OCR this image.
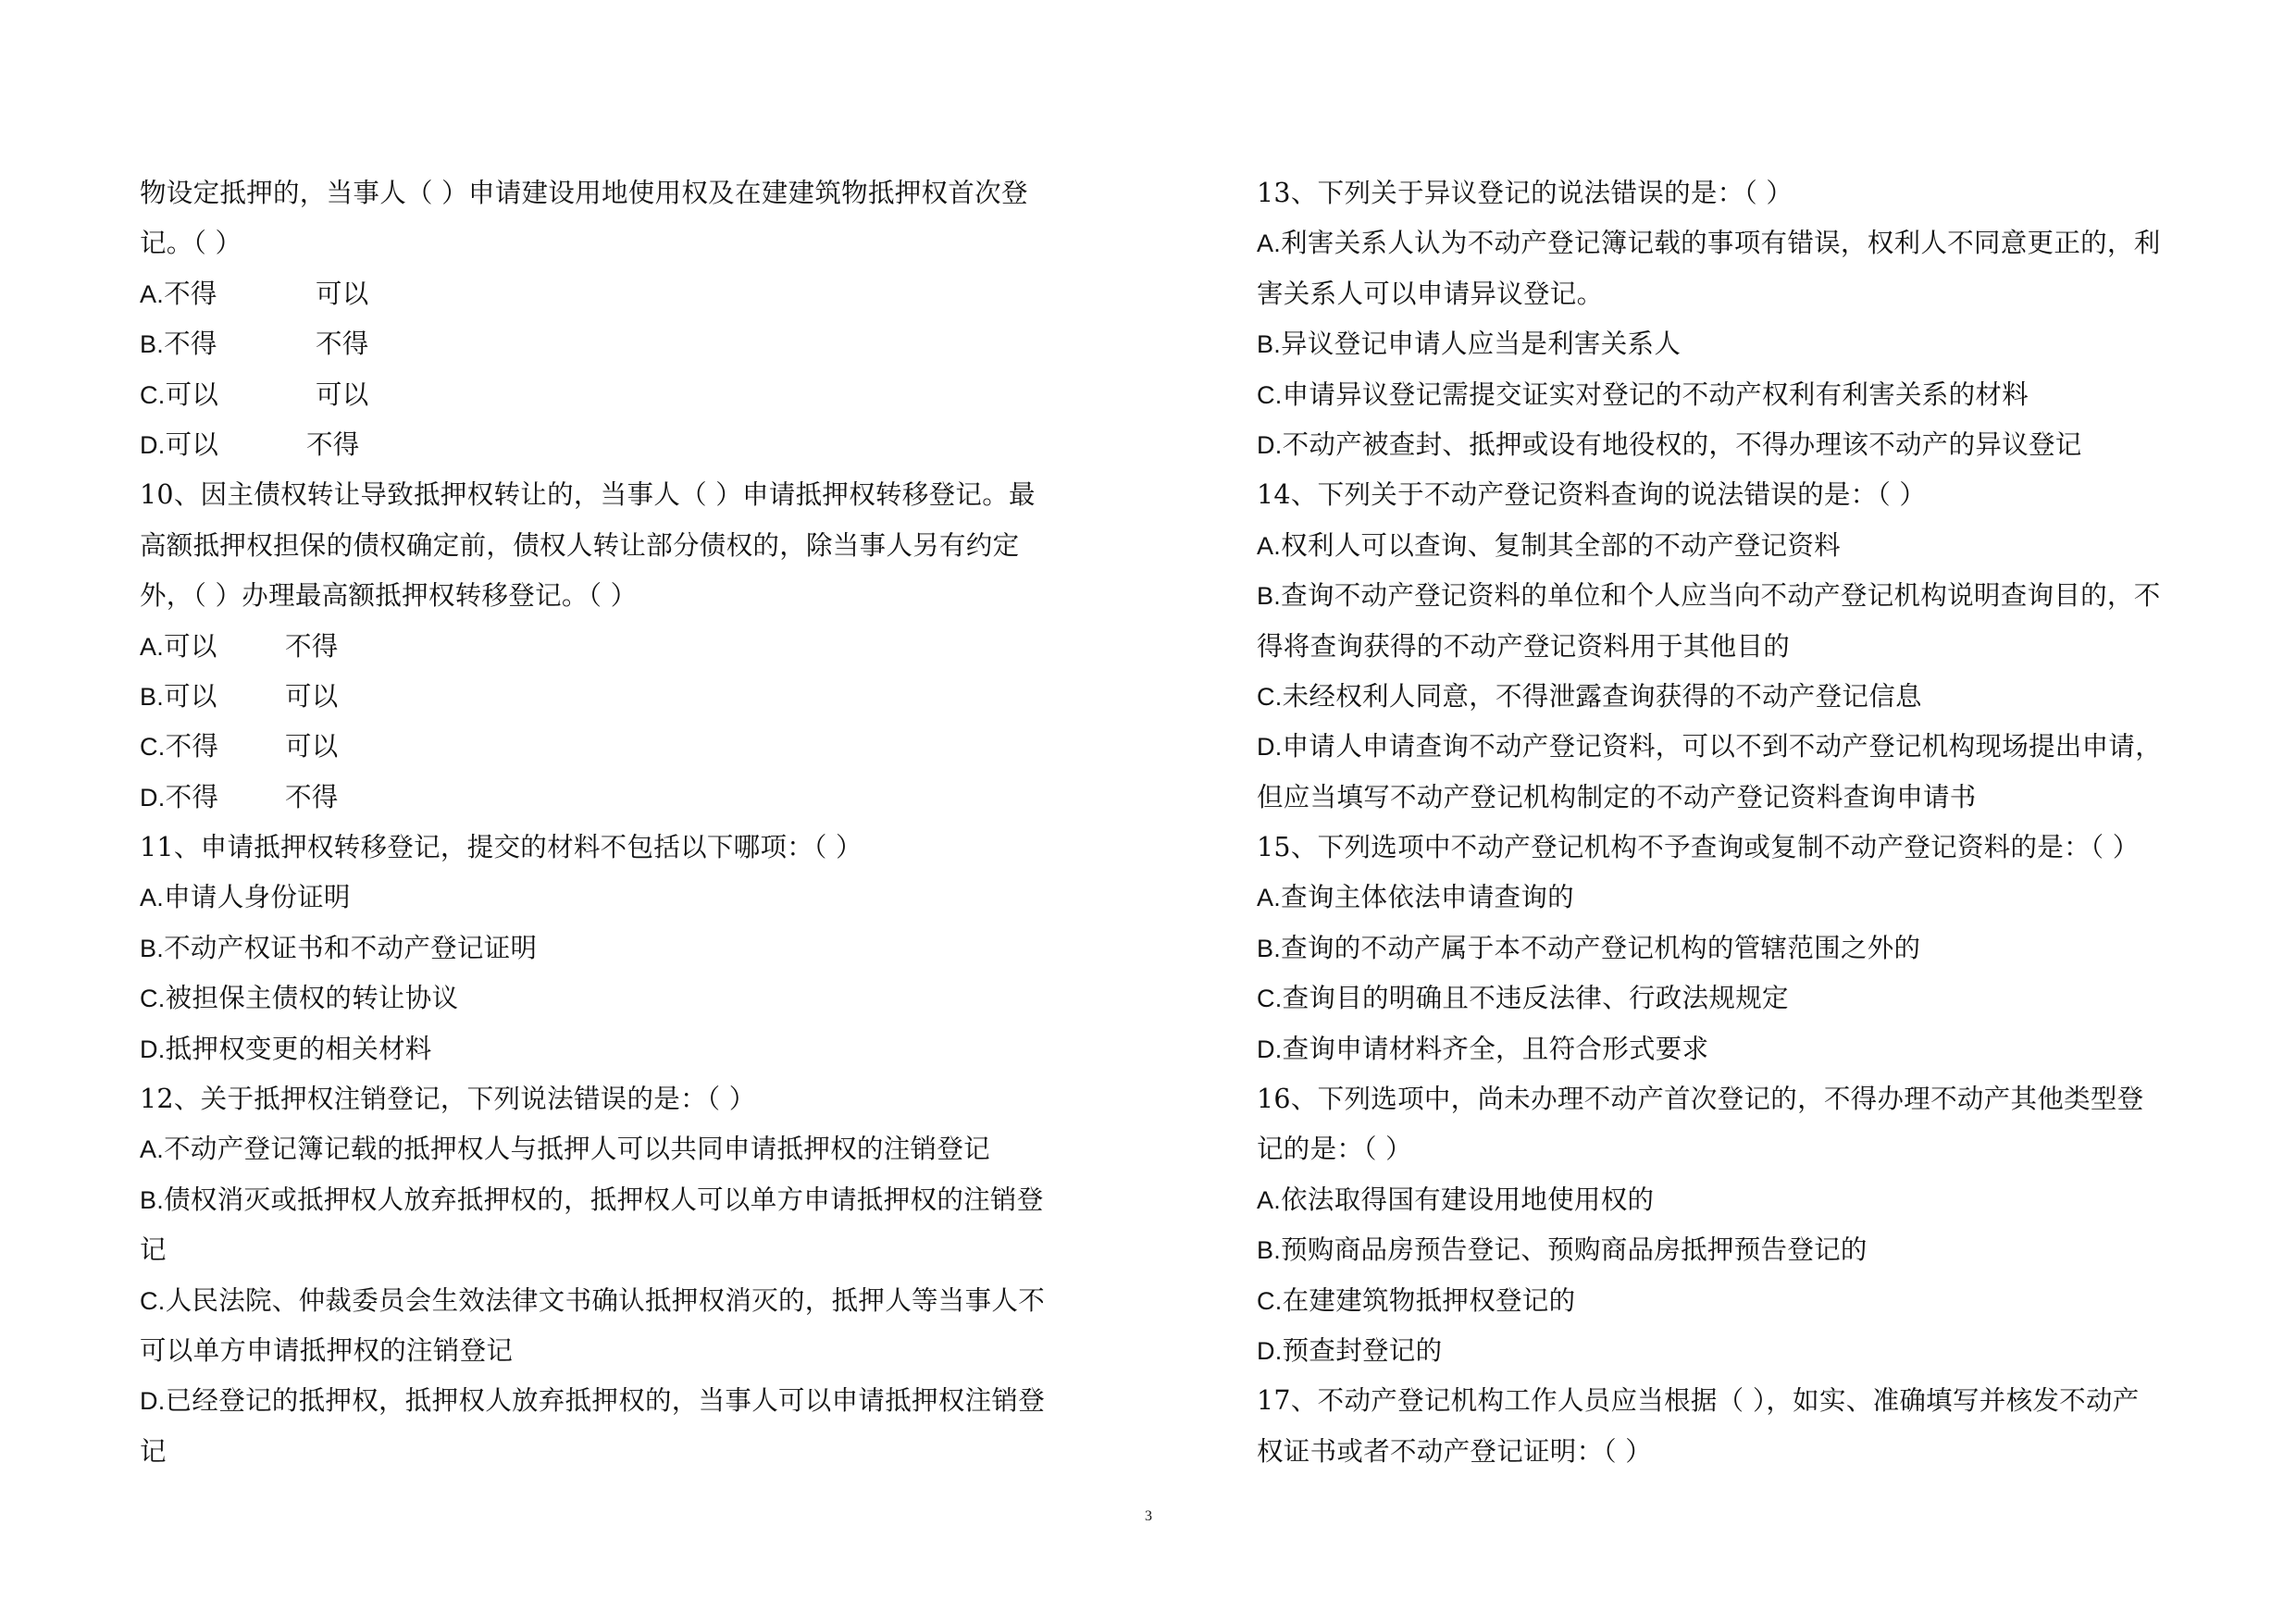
物设定抵押的，当事人（ ）申请建设用地使用权及在建建筑物抵押权首次登
记。（ ）
A.不得	可以
B.不得	不得
C.可以	可以
D.可以	不得
10、因主债权转让导致抵押权转让的，当事人（ ）申请抵押权转移登记。最
高额抵押权担保的债权确定前，债权人转让部分债权的，除当事人另有约定
外，（ ）办理最高额抵押权转移登记。（ ）
A.可以	不得
B.可以	可以
C.不得	可以
D.不得	不得
11、申请抵押权转移登记，提交的材料不包括以下哪项：（ ）
A.申请人身份证明
B.不动产权证书和不动产登记证明
C.被担保主债权的转让协议
D.抵押权变更的相关材料
12、关于抵押权注销登记，下列说法错误的是：（ ）
A.不动产登记簿记载的抵押权人与抵押人可以共同申请抵押权的注销登记
B.债权消灭或抵押权人放弃抵押权的，抵押权人可以单方申请抵押权的注销登
记
C.人民法院、仲裁委员会生效法律文书确认抵押权消灭的，抵押人等当事人不
可以单方申请抵押权的注销登记
D.已经登记的抵押权，抵押权人放弃抵押权的，当事人可以申请抵押权注销登
记
13、下列关于异议登记的说法错误的是：（ ）
A.利害关系人认为不动产登记簿记载的事项有错误，权利人不同意更正的，利
害关系人可以申请异议登记。
B.异议登记申请人应当是利害关系人
C.申请异议登记需提交证实对登记的不动产权利有利害关系的材料
D.不动产被查封、抵押或设有地役权的，不得办理该不动产的异议登记
14、下列关于不动产登记资料查询的说法错误的是：（ ）
A.权利人可以查询、复制其全部的不动产登记资料
B.查询不动产登记资料的单位和个人应当向不动产登记机构说明查询目的，不
得将查询获得的不动产登记资料用于其他目的
C.未经权利人同意，不得泄露查询获得的不动产登记信息
D.申请人申请查询不动产登记资料，可以不到不动产登记机构现场提出申请，
但应当填写不动产登记机构制定的不动产登记资料查询申请书
15、下列选项中不动产登记机构不予查询或复制不动产登记资料的是：（ ）
A.查询主体依法申请查询的
B.查询的不动产属于本不动产登记机构的管辖范围之外的
C.查询目的明确且不违反法律、行政法规规定
D.查询申请材料齐全，且符合形式要求
16、下列选项中，尚未办理不动产首次登记的，不得办理不动产其他类型登
记的是：（ ）
A.依法取得国有建设用地使用权的
B.预购商品房预告登记、预购商品房抵押预告登记的
C.在建建筑物抵押权登记的
D.预查封登记的
17、不动产登记机构工作人员应当根据（ ），如实、准确填写并核发不动产
权证书或者不动产登记证明：（ ）
3
